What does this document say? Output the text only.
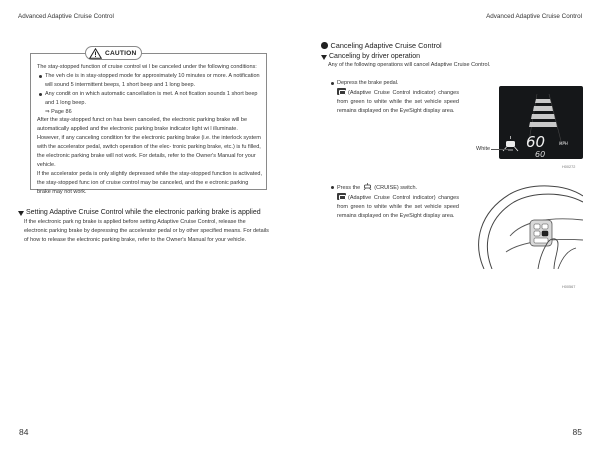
Advanced Adaptive Cruise Control
CAUTION

The stay-stopped function of cruise control wi l be canceled under the following conditions:

The veh cle is in stay-stopped mode for approximately 10 minutes or more. A notification will sound 5 intermittent beeps, 1 short beep and 1 long beep.

Any condit on in which automatic cancellation is met. A not fication sounds 1 short beep and 1 long beep.

⇒ Page 86

After the stay-stopped funct on has been canceled, the electronic parking brake will be automatically applied and the electronic parking brake indicator light wi l illuminate. However, if any canceling condition for the electronic parking brake (i.e. the interlock system with the accelerator pedal, switch operation of the elec- tronic parking brake, etc.) is fu filled, the electronic parking brake will not work. For details, refer to the Owner's Manual for your vehicle.

If the accelerator peda is only slightly depressed while the stay-stopped function is activated, the stay-stopped func ion of cruise control may be canceled, and the e ectronic parking brake may not work.

Setting Adaptive Cruise Control while the electronic parking brake is applied
If the electronic park ng brake is applied before setting Adaptive Cruise Control, release the electronic parking brake by depressing the accelerator pedal or by other specified means. For details of how to release the electronic parking brake, refer to the Owner's Manual for your vehicle.
84
Advanced Adaptive Cruise Control
Canceling Adaptive Cruise Control
Canceling by driver operation
Any of the following operations will cancel Adaptive Cruise Control.
Depress the brake pedal.
(Adaptive Cruise Control indicator) changes from green to white while the set vehicle speed remains displayed on the EyeSight display area.
60	MPH
60
White
H00272
Press the	(CRUISE) switch.
(Adaptive Cruise Control indicator) changes from green to white while the set vehicle speed remains displayed on the EyeSight display area.
H00567
85
